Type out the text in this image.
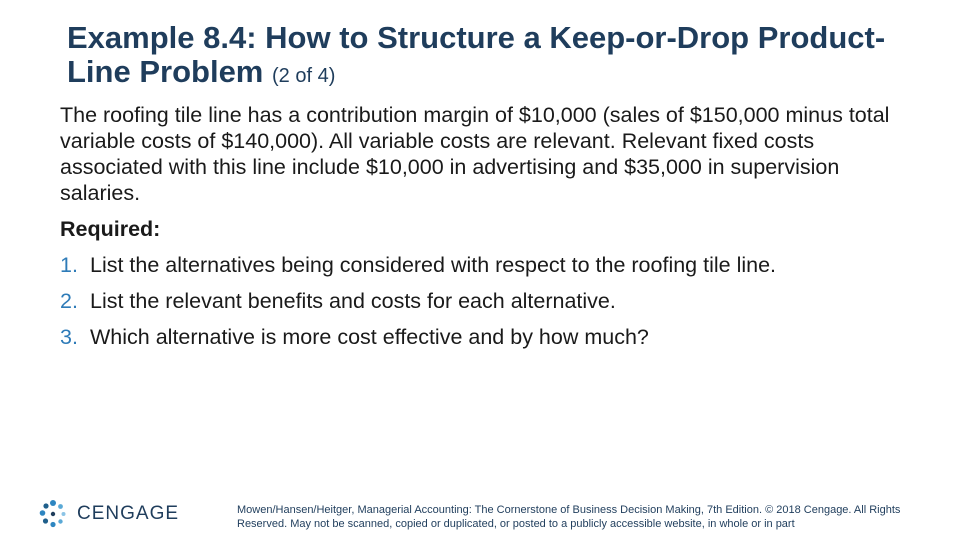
Example 8.4: How to Structure a Keep-or-Drop Product-Line Problem (2 of 4)

The roofing tile line has a contribution margin of $10,000 (sales of $150,000 minus total variable costs of $140,000). All variable costs are relevant. Relevant fixed costs associated with this line include $10,000 in advertising and $35,000 in supervision salaries.

Required:

1. List the alternatives being considered with respect to the roofing tile line.
2. List the relevant benefits and costs for each alternative.
3. Which alternative is more cost effective and by how much?
CENGAGE	Mowen/Hansen/Heitger, Managerial Accounting: The Cornerstone of Business Decision Making, 7th Edition. © 2018 Cengage. All Rights Reserved. May not be scanned, copied or duplicated, or posted to a publicly accessible website, in whole or in part
